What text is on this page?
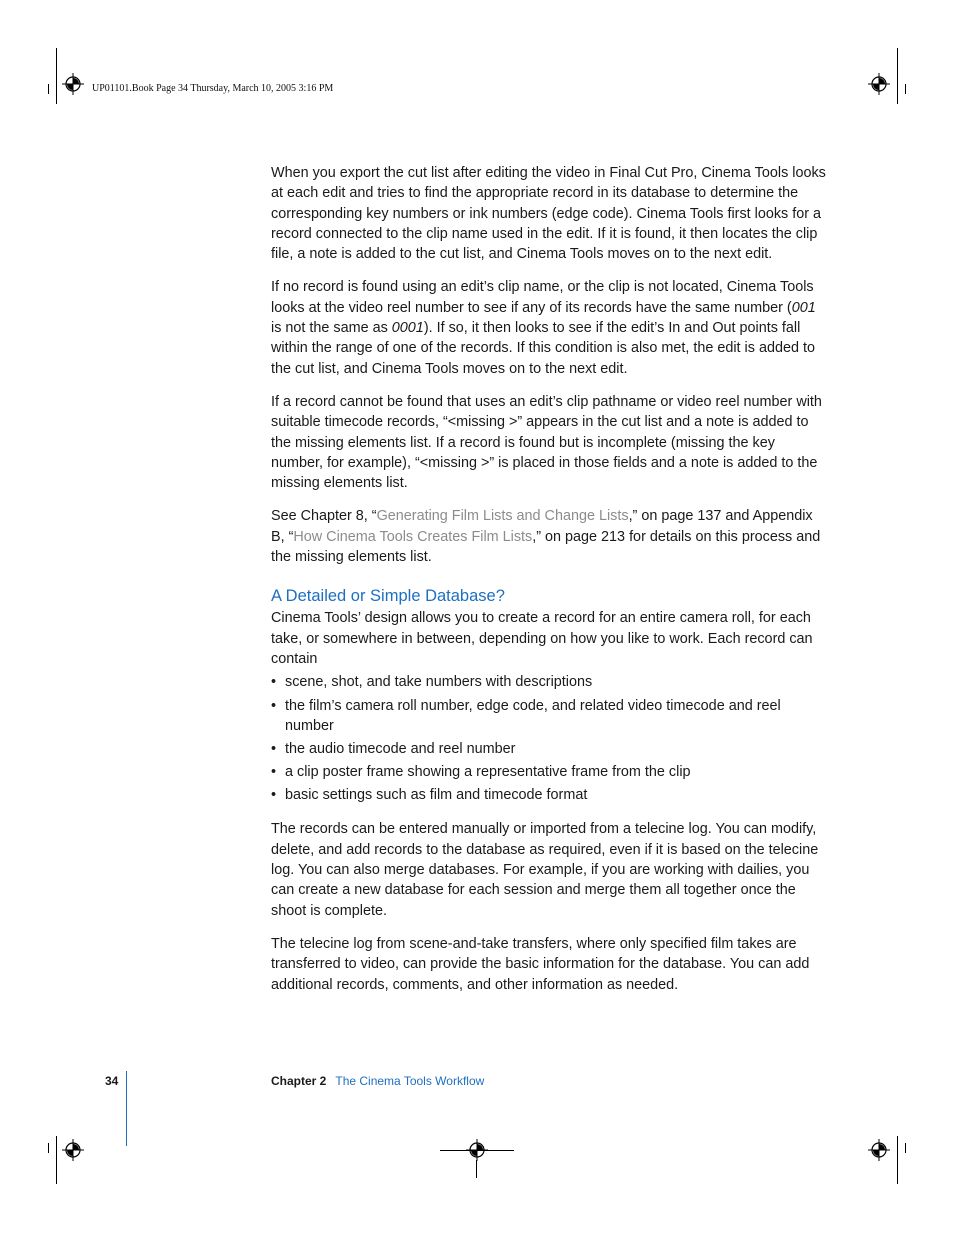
UP01101.Book Page 34 Thursday, March 10, 2005 3:16 PM

When you export the cut list after editing the video in Final Cut Pro, Cinema Tools looks at each edit and tries to find the appropriate record in its database to determine the corresponding key numbers or ink numbers (edge code). Cinema Tools first looks for a record connected to the clip name used in the edit. If it is found, it then locates the clip file, a note is added to the cut list, and Cinema Tools moves on to the next edit.

If no record is found using an edit’s clip name, or the clip is not located, Cinema Tools looks at the video reel number to see if any of its records have the same number (001 is not the same as 0001). If so, it then looks to see if the edit’s In and Out points fall within the range of one of the records. If this condition is also met, the edit is added to the cut list, and Cinema Tools moves on to the next edit.

If a record cannot be found that uses an edit’s clip pathname or video reel number with suitable timecode records, “<missing >” appears in the cut list and a note is added to the missing elements list. If a record is found but is incomplete (missing the key number, for example), “<missing >” is placed in those fields and a note is added to the missing elements list.

See Chapter 8, “Generating Film Lists and Change Lists,” on page 137 and Appendix B, “How Cinema Tools Creates Film Lists,” on page 213 for details on this process and the missing elements list.

A Detailed or Simple Database?

Cinema Tools’ design allows you to create a record for an entire camera roll, for each take, or somewhere in between, depending on how you like to work. Each record can contain

• scene, shot, and take numbers with descriptions
• the film’s camera roll number, edge code, and related video timecode and reel number
• the audio timecode and reel number
• a clip poster frame showing a representative frame from the clip
• basic settings such as film and timecode format

The records can be entered manually or imported from a telecine log. You can modify, delete, and add records to the database as required, even if it is based on the telecine log. You can also merge databases. For example, if you are working with dailies, you can create a new database for each session and merge them all together once the shoot is complete.

The telecine log from scene-and-take transfers, where only specified film takes are transferred to video, can provide the basic information for the database. You can add additional records, comments, and other information as needed.

34	Chapter 2 The Cinema Tools Workflow
